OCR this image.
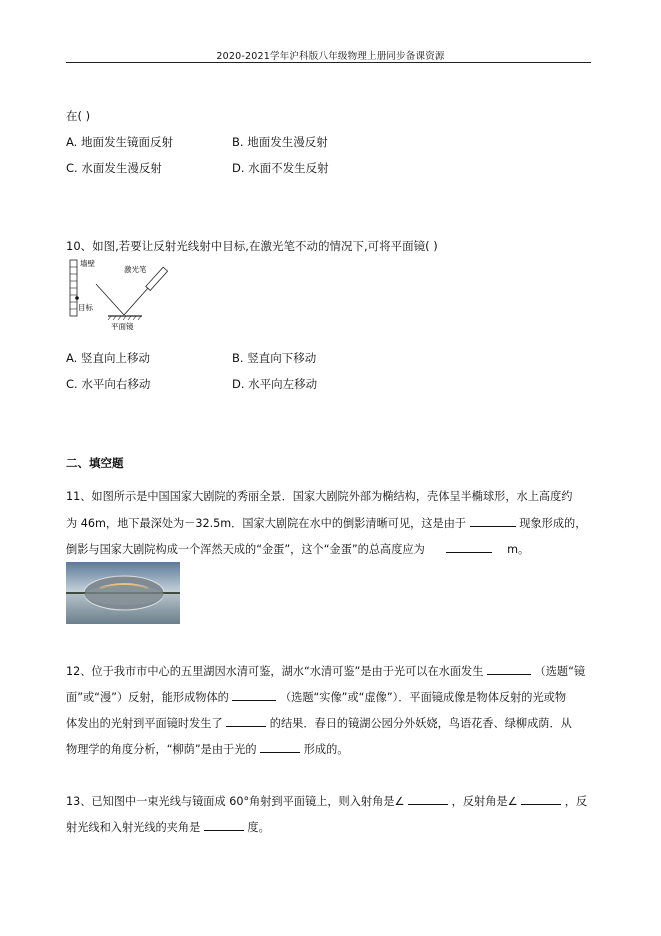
2020-2021学年沪科版八年级物理上册同步备课资源
在( )
A. 地面发生镜面反射	B. 地面发生漫反射
C. 水面发生漫反射	D. 水面不发生反射
10、如图,若要让反射光线射中目标,在激光笔不动的情况下,可将平面镜( )
墙壁
激光笔
目标
平面镜
A. 竖直向上移动	B. 竖直向下移动
C. 水平向右移动	D. 水平向左移动
二、填空题
11、如图所示是中国国家大剧院的秀丽全景．国家大剧院外部为椭结构，壳体呈半椭球形，水上高度约
为 46m，地下最深处为－32.5m．国家大剧院在水中的倒影清晰可见，这是由于	现象形成的，
倒影与国家大剧院构成一个浑然天成的“金蛋”，这个“金蛋”的总高度应为	m。
12、位于我市市中心的五里湖因水清可鉴，湖水“水清可鉴”是由于光可以在水面发生	（选题“镜
面”或“漫”）反射，能形成物体的	（选题“实像”或“虚像”）．平面镜成像是物体反射的光或物
体发出的光射到平面镜时发生了	的结果．春日的镜湖公园分外妖娆，鸟语花香、绿柳成荫．从
物理学的角度分析，“柳荫”是由于光的	形成的。
13、已知图中一束光线与镜面成 60°角射到平面镜上，则入射角是∠	，反射角是∠	，反
射光线和入射光线的夹角是	度。
